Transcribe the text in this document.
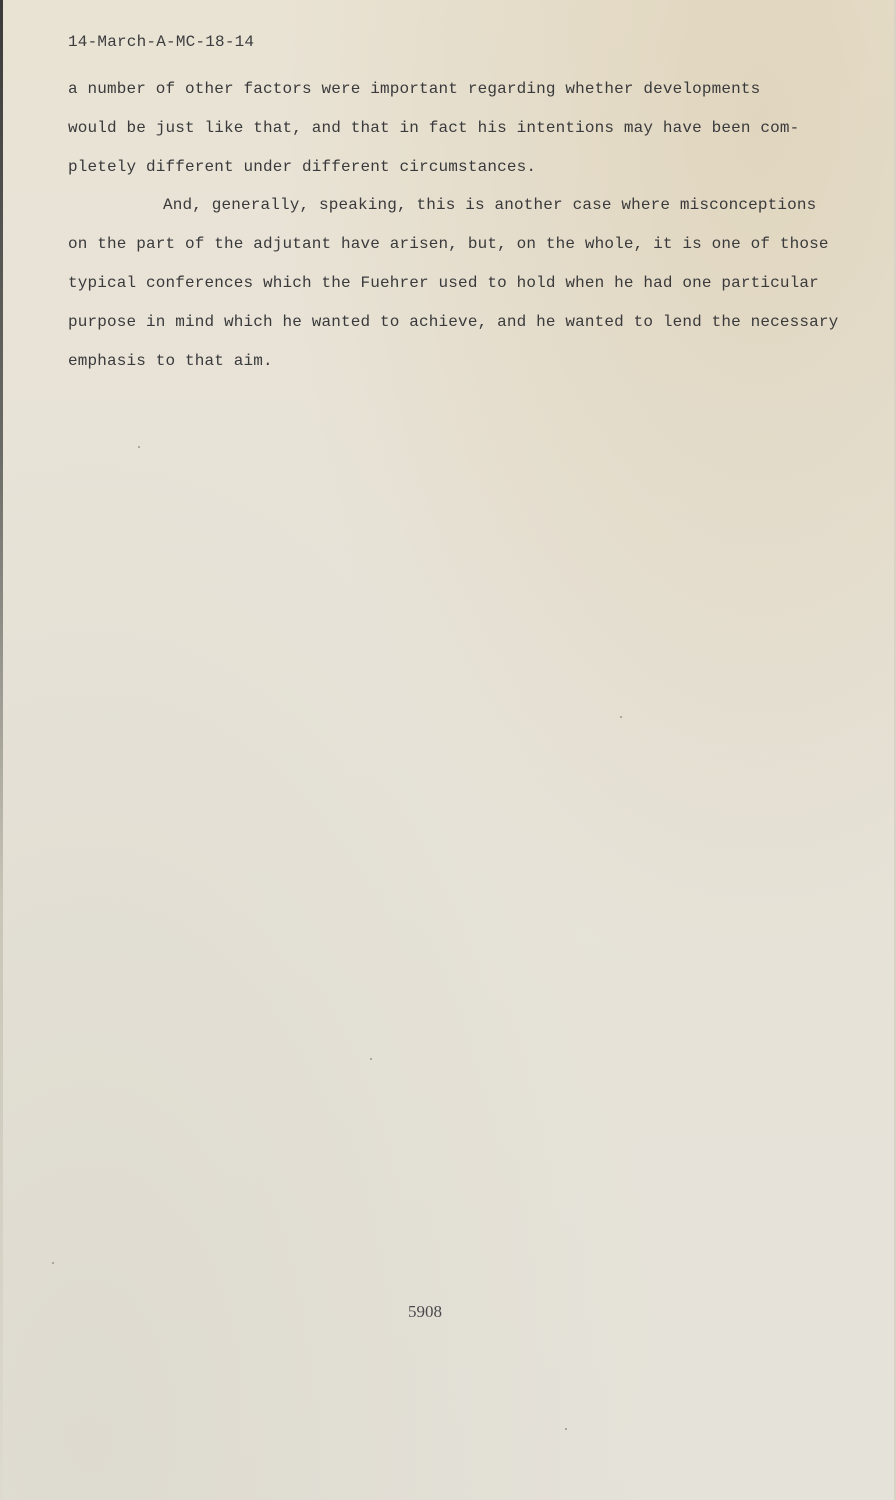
14-March-A-MC-18-14
a number of other factors were important regarding whether developments
would be just like that, and that in fact his intentions may have been com-
pletely different under different circumstances.
And, generally, speaking, this is another case where misconceptions
on the part of the adjutant have arisen, but, on the whole, it is one of those
typical conferences which the Fuehrer used to hold when he had one particular
purpose in mind which he wanted to achieve, and he wanted to lend the necessary
emphasis to that aim.
5908
